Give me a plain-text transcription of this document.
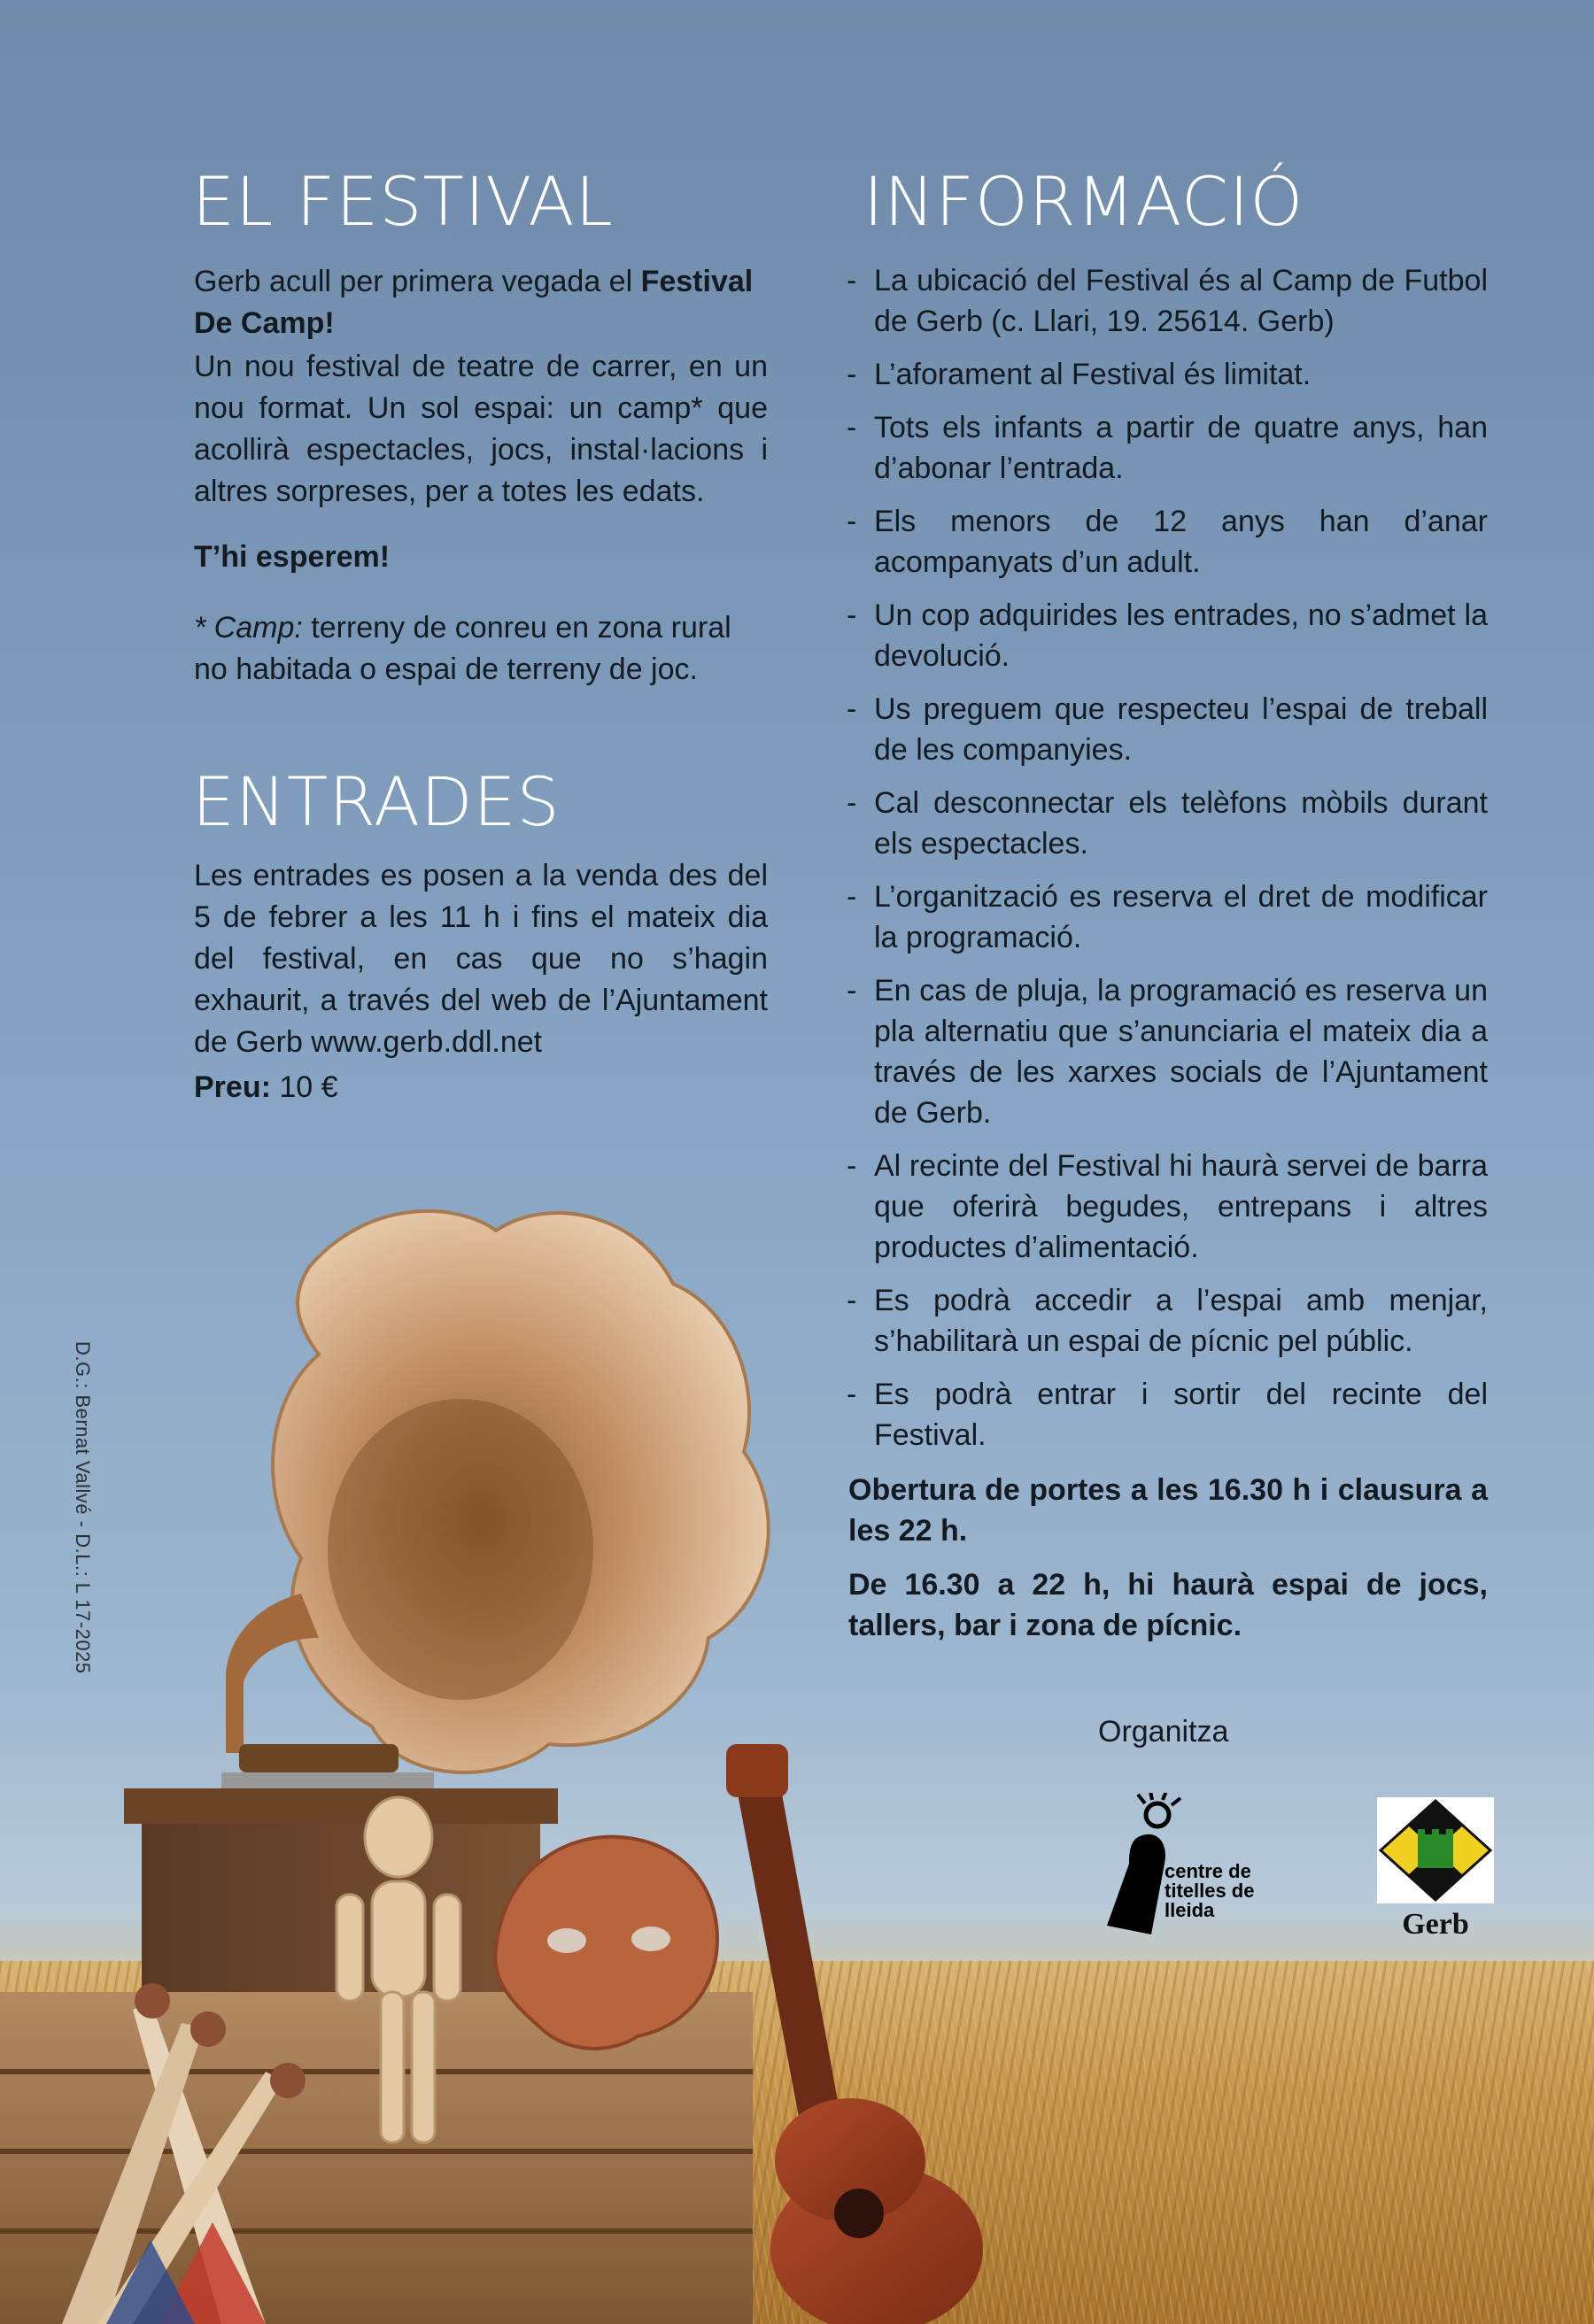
EL FESTIVAL

Gerb acull per primera vegada el Festival De Camp!

Un nou festival de teatre de carrer, en un nou format. Un sol espai: un camp* que acollirà espectacles, jocs, instal·lacions i altres sorpreses, per a totes les edats.

T’hi esperem!

* Camp: terreny de conreu en zona rural no habitada o espai de terreny de joc.

ENTRADES

Les entrades es posen a la venda des del 5 de febrer a les 11 h i fins el mateix dia del festival, en cas que no s’hagin exhaurit, a través del web de l’Ajuntament de Gerb www.gerb.ddl.net

Preu: 10 €

INFORMACIÓ
- La ubicació del Festival és al Camp de Futbol de Gerb (c. Llari, 19. 25614. Gerb)
- L’aforament al Festival és limitat.
- Tots els infants a partir de quatre anys, han d’abonar l’entrada.
- Els menors de 12 anys han d’anar acompanyats d’un adult.
- Un cop adquirides les entrades, no s’admet la devolució.
- Us preguem que respecteu l’espai de treball de les companyies.
- Cal desconnectar els telèfons mòbils durant els espectacles.
- L’organització es reserva el dret de modificar la programació.
- En cas de pluja, la programació es reserva un pla alternatiu que s’anunciaria el mateix dia a través de les xarxes socials de l’Ajuntament de Gerb.
- Al recinte del Festival hi haurà servei de barra que oferirà begudes, entrepans i altres productes d’alimentació.
- Es podrà accedir a l’espai amb menjar, s’habilitarà un espai de pícnic pel públic.
- Es podrà entrar i sortir del recinte del Festival.

Obertura de portes a les 16.30 h i clausura a les 22 h.

De 16.30 a 22 h, hi haurà espai de jocs, tallers, bar i zona de pícnic.

D.G.: Bernat Vallvé - D.L.: L 17-2025
Organitza
centre de titelles de lleida	Gerb
